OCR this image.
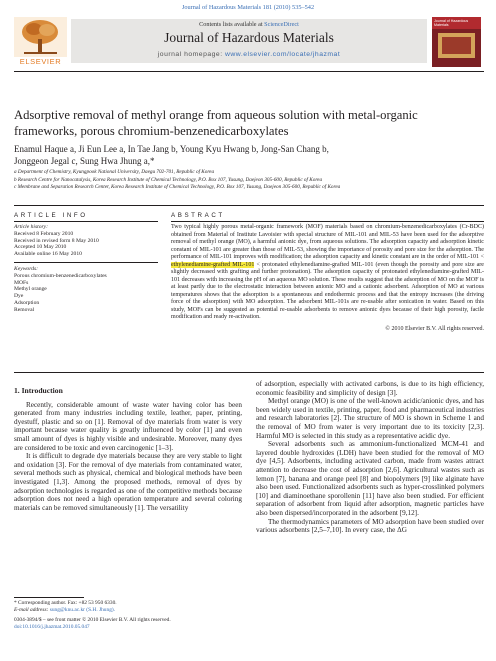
Journal of Hazardous Materials 181 (2010) 535–542
ELSEVIER
Contents lists available at ScienceDirect
Journal of Hazardous Materials
journal homepage: www.elsevier.com/locate/jhazmat
Journal of Hazardous Materials
Adsorptive removal of methyl orange from aqueous solution with metal-organic frameworks, porous chromium-benzenedicarboxylates
Enamul Haque a, Ji Eun Lee a, In Tae Jang b, Young Kyu Hwang b, Jong-San Chang b,
Jonggeon Jegal c, Sung Hwa Jhung a,*
a Department of Chemistry, Kyungpook National University, Daegu 702-701, Republic of Korea
b Research Centre for Nanocatalysis, Korea Research Institute of Chemical Technology, P.O. Box 107, Yusung, Daejeon 305-600, Republic of Korea
c Membrane and Separation Research Center, Korea Research Institute of Chemical Technology, P.O. Box 107, Yusung, Daejeon 305-600, Republic of Korea
ARTICLE INFO
Article history:
Received 8 February 2010
Received in revised form 8 May 2010
Accepted 10 May 2010
Available online 16 May 2010
Keywords:
Porous chromium-benzenedicarboxylates
MOFs
Methyl orange
Dye
Adsorption
Removal
ABSTRACT
Two typical highly porous metal-organic framework (MOF) materials based on chromium-benzenedicarboxylates (Cr-BDC) obtained from Material of Institute Lavoisier with special structure of MIL-101 and MIL-53 have been used for the adsorptive removal of methyl orange (MO), a harmful anionic dye, from aqueous solutions. The adsorption capacity and adsorption kinetic constant of MIL-101 are greater than those of MIL-53, showing the importance of porosity and pore size for the adsorption. The performance of MIL-101 improves with modification; the adsorption capacity and kinetic constant are in the order of MIL-101 < ethylenediamine-grafted MIL-101 < protonated ethylenediamine-grafted MIL-101 (even though the porosity and pore size are slightly decreased with grafting and further protonation). The adsorption capacity of protonated ethylenediamine-grafted MIL-101 decreases with increasing the pH of an aqueous MO solution. These results suggest that the adsorption of MO on the MOF is at least partly due to the electrostatic interaction between anionic MO and a cationic adsorbent. Adsorption of MO at various temperatures shows that the adsorption is a spontaneous and endothermic process and that the entropy increases (the driving force of the adsorption) with MO adsorption. The adsorbent MIL-101s are re-usable after sonication in water. Based on this study, MOFs can be suggested as potential re-usable adsorbents to remove anionic dyes because of their high porosity, facile modification and ready re-activation.
© 2010 Elsevier B.V. All rights reserved.
1. Introduction
Recently, considerable amount of waste water having color has been generated from many industries including textile, leather, paper, printing, dyestuff, plastic and so on [1]. Removal of dye materials from water is very important because water quality is greatly influenced by color [1] and even small amount of dyes is highly visible and undesirable. Moreover, many dyes are considered to be toxic and even carcinogenic [1–3].
It is difficult to degrade dye materials because they are very stable to light and oxidation [3]. For the removal of dye materials from contaminated water, several methods such as physical, chemical and biological methods have been investigated [1,3]. Among the proposed methods, removal of dyes by adsorption technologies is regarded as one of the competitive methods because adsorption does not need a high operation temperature and several coloring materials can be removed simultaneously [1]. The versatility
of adsorption, especially with activated carbons, is due to its high efficiency, economic feasibility and simplicity of design [3].
Methyl orange (MO) is one of the well-known acidic/anionic dyes, and has been widely used in textile, printing, paper, food and pharmaceutical industries and research laboratories [2]. The structure of MO is shown in Scheme 1 and the removal of MO from water is very important due to its toxicity [2,3]. Harmful MO is selected in this study as a representative acidic dye.
Several adsorbents such as ammonium-functionalized MCM-41 and layered double hydroxides (LDH) have been studied for the removal of MO dye [4,5]. Adsorbents, including activated carbon, made from wastes attract attention to decrease the cost of adsorption [2,6]. Agricultural wastes such as lemon [7], banana and orange peel [8] and biopolymers [9] like alginate have also been used. Functionalized adsorbents such as hyper-crosslinked polymers [10] and diaminoethane sporollenin [11] have also been studied. For efficient separation of adsorbent from liquid after adsorption, magnetic particles have also been dispersed/incorporated in the adsorbent [9,12].
The thermodynamics parameters of MO adsorption have been studied over various adsorbents [2,5–7,10]. In every case, the ΔG
* Corresponding author. Fax: +82 53 950 6330.
E-mail address: sung@knu.ac.kr (S.H. Jhung).
0304-3894/$ – see front matter © 2010 Elsevier B.V. All rights reserved.
doi:10.1016/j.jhazmat.2010.05.047
